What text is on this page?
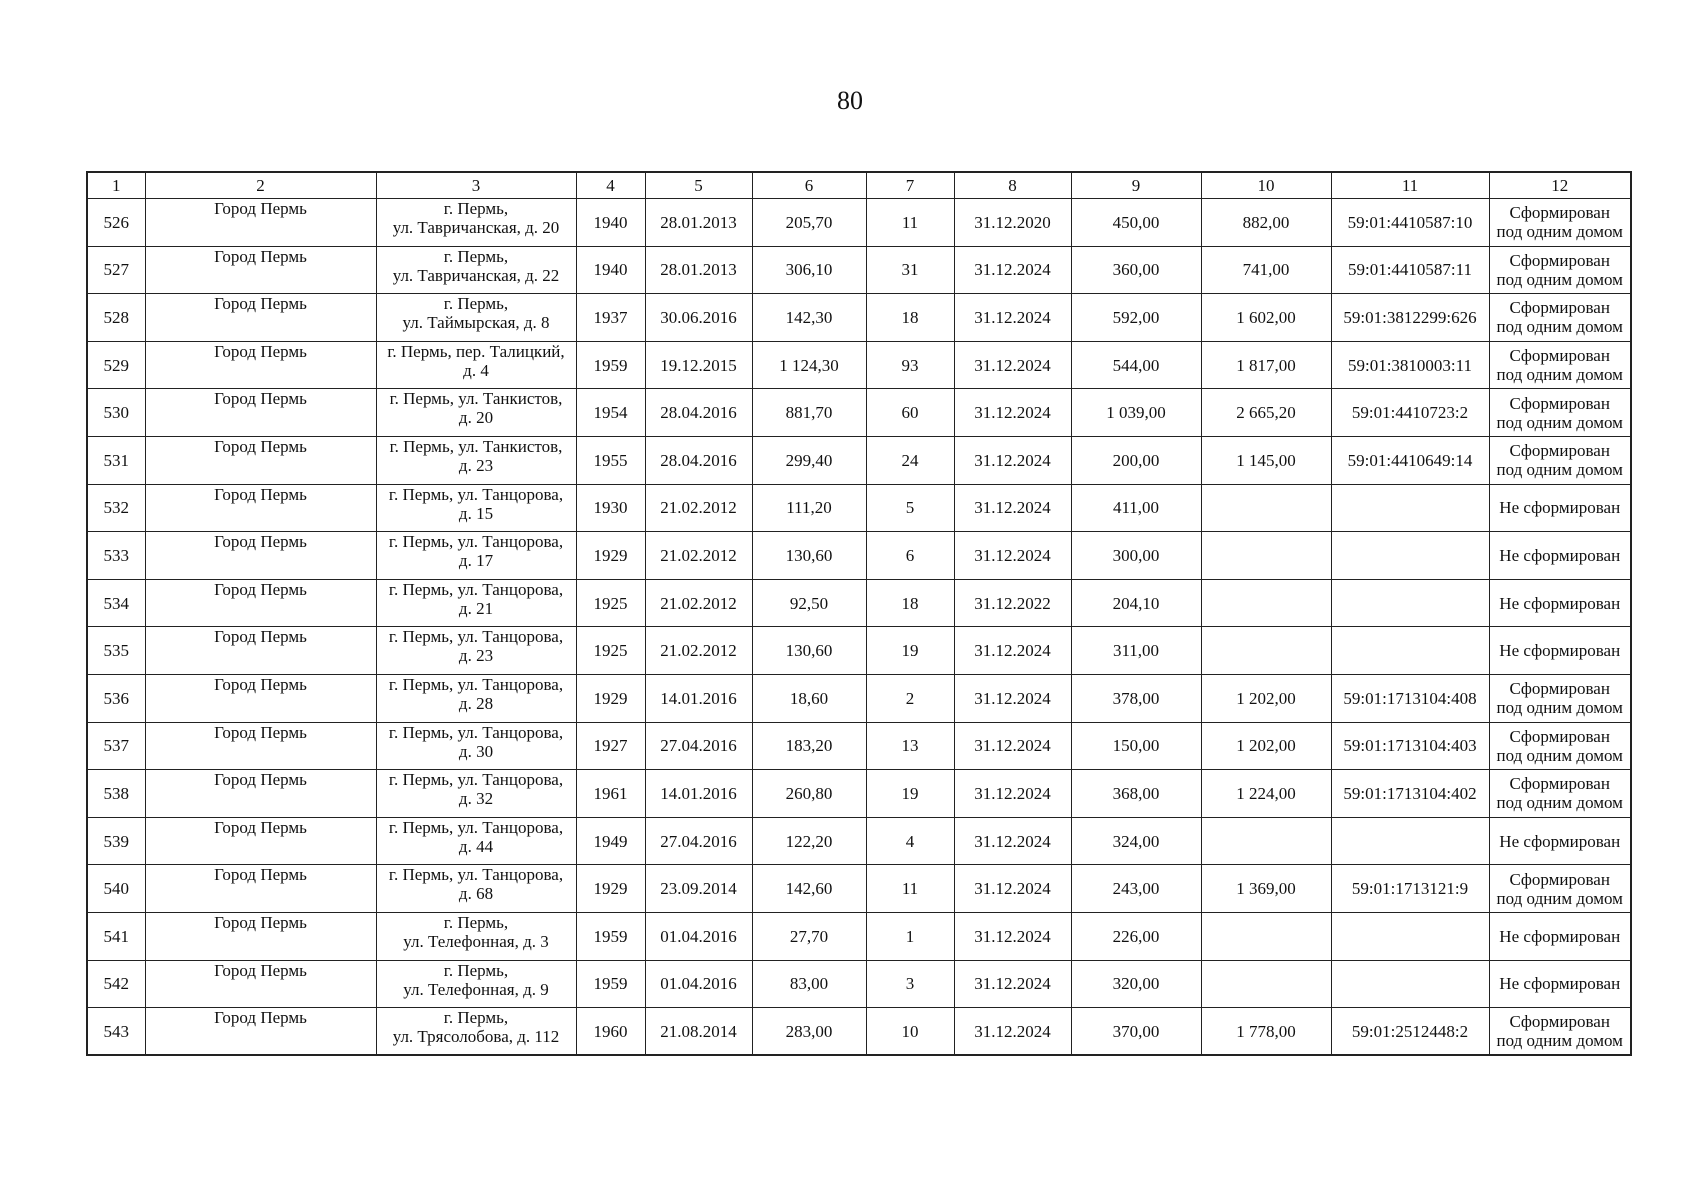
80
1	2	3	4	5	6	7	8	9	10	11	12
526	Город Пермь	г. Пермь,
ул. Тавричанская, д. 20	1940	28.01.2013	205,70	11	31.12.2020	450,00	882,00	59:01:4410587:10	Сформирован
под одним домом

527	Город Пермь	г. Пермь,
ул. Тавричанская, д. 22	1940	28.01.2013	306,10	31	31.12.2024	360,00	741,00	59:01:4410587:11	Сформирован
под одним домом

528	Город Пермь	г. Пермь,
ул. Таймырская, д. 8	1937	30.06.2016	142,30	18	31.12.2024	592,00	1 602,00	59:01:3812299:626	Сформирован
под одним домом

529	Город Пермь	г. Пермь, пер. Талицкий,
д. 4	1959	19.12.2015	1 124,30	93	31.12.2024	544,00	1 817,00	59:01:3810003:11	Сформирован
под одним домом

530	Город Пермь	г. Пермь, ул. Танкистов,
д. 20	1954	28.04.2016	881,70	60	31.12.2024	1 039,00	2 665,20	59:01:4410723:2	Сформирован
под одним домом

531	Город Пермь	г. Пермь, ул. Танкистов,
д. 23	1955	28.04.2016	299,40	24	31.12.2024	200,00	1 145,00	59:01:4410649:14	Сформирован
под одним домом

532	Город Пермь	г. Пермь, ул. Танцорова,
д. 15	1930	21.02.2012	111,20	5	31.12.2024	411,00			Не сформирован

533	Город Пермь	г. Пермь, ул. Танцорова,
д. 17	1929	21.02.2012	130,60	6	31.12.2024	300,00			Не сформирован

534	Город Пермь	г. Пермь, ул. Танцорова,
д. 21	1925	21.02.2012	92,50	18	31.12.2022	204,10			Не сформирован

535	Город Пермь	г. Пермь, ул. Танцорова,
д. 23	1925	21.02.2012	130,60	19	31.12.2024	311,00			Не сформирован

536	Город Пермь	г. Пермь, ул. Танцорова,
д. 28	1929	14.01.2016	18,60	2	31.12.2024	378,00	1 202,00	59:01:1713104:408	Сформирован
под одним домом

537	Город Пермь	г. Пермь, ул. Танцорова,
д. 30	1927	27.04.2016	183,20	13	31.12.2024	150,00	1 202,00	59:01:1713104:403	Сформирован
под одним домом

538	Город Пермь	г. Пермь, ул. Танцорова,
д. 32	1961	14.01.2016	260,80	19	31.12.2024	368,00	1 224,00	59:01:1713104:402	Сформирован
под одним домом

539	Город Пермь	г. Пермь, ул. Танцорова,
д. 44	1949	27.04.2016	122,20	4	31.12.2024	324,00			Не сформирован

540	Город Пермь	г. Пермь, ул. Танцорова,
д. 68	1929	23.09.2014	142,60	11	31.12.2024	243,00	1 369,00	59:01:1713121:9	Сформирован
под одним домом

541	Город Пермь	г. Пермь,
ул. Телефонная, д. 3	1959	01.04.2016	27,70	1	31.12.2024	226,00			Не сформирован

542	Город Пермь	г. Пермь,
ул. Телефонная, д. 9	1959	01.04.2016	83,00	3	31.12.2024	320,00			Не сформирован

543	Город Пермь	г. Пермь,
ул. Трясолобова, д. 112	1960	21.08.2014	283,00	10	31.12.2024	370,00	1 778,00	59:01:2512448:2	Сформирован
под одним домом
